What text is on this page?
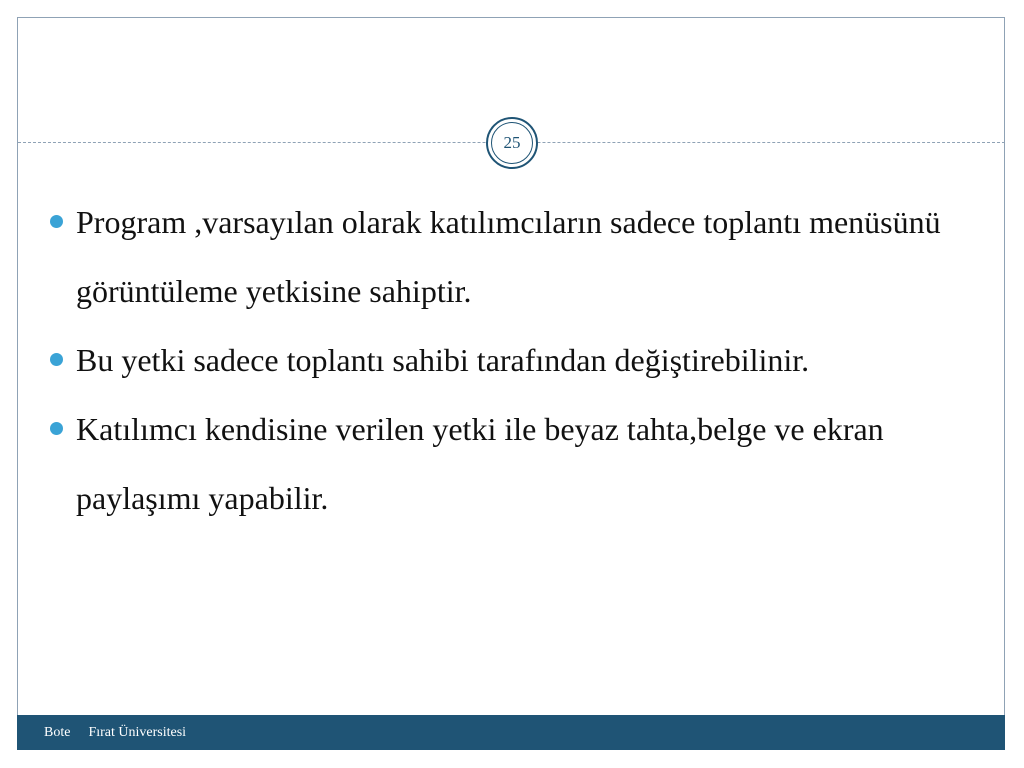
25
Program ,varsayılan olarak katılımcıların sadece toplantı menüsünü görüntüleme yetkisine sahiptir.
Bu yetki sadece toplantı sahibi tarafından değiştirebilinir.
Katılımcı kendisine verilen yetki ile beyaz tahta,belge ve ekran paylaşımı yapabilir.
Bote Fırat Üniversitesi
